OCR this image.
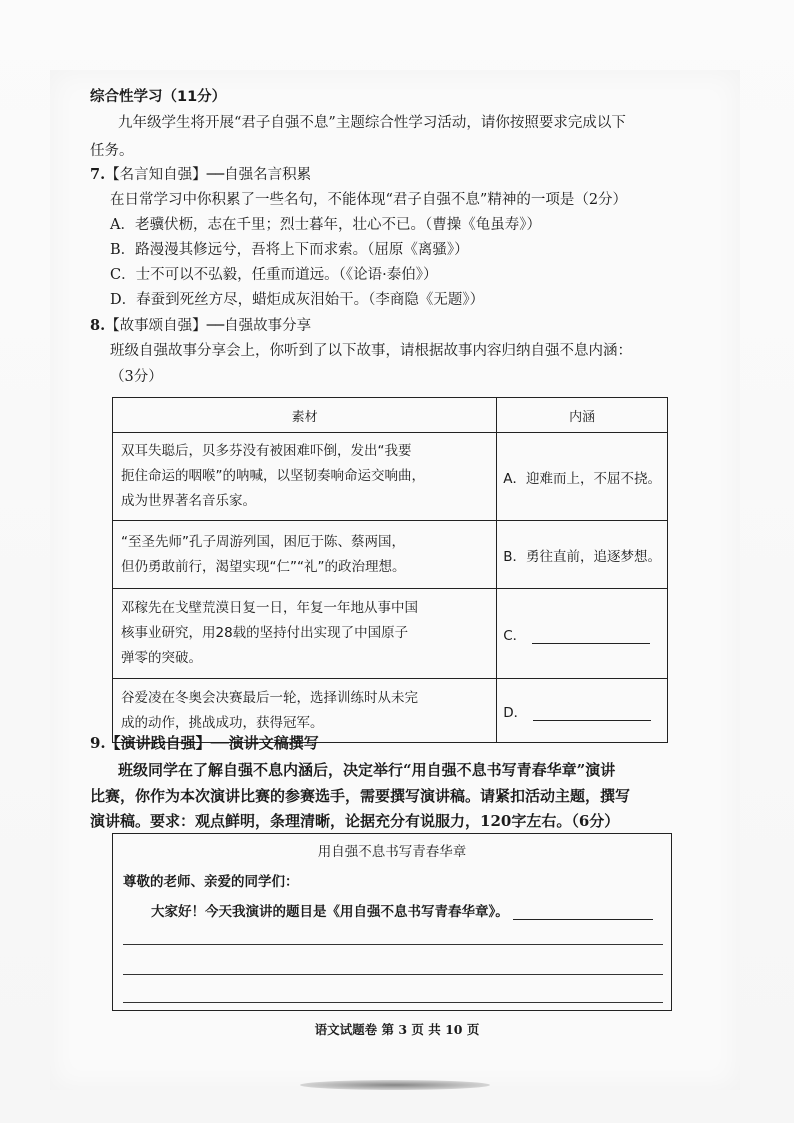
综合性学习（11分）
九年级学生将开展“君子自强不息”主题综合性学习活动，请你按照要求完成以下
任务。
7.【名言知自强】──自强名言积累
在日常学习中你积累了一些名句，不能体现“君子自强不息”精神的一项是（2分）
A．老骥伏枥，志在千里；烈士暮年，壮心不已。（曹操《龟虽寿》）
B．路漫漫其修远兮，吾将上下而求索。（屈原《离骚》）
C．士不可以不弘毅，任重而道远。（《论语·泰伯》）
D．春蚕到死丝方尽，蜡炬成灰泪始干。（李商隐《无题》）
8.【故事颂自强】──自强故事分享
班级自强故事分享会上，你听到了以下故事，请根据故事内容归纳自强不息内涵：
（3分）
素材	内涵

双耳失聪后，贝多芬没有被困难吓倒，发出“我要
扼住命运的咽喉”的呐喊，以坚韧奏响命运交响曲，
成为世界著名音乐家。	A．迎难而上，不屈不挠。

“至圣先师”孔子周游列国，困厄于陈、蔡两国，
但仍勇敢前行，渴望实现“仁”“礼”的政治理想。	B．勇往直前，追逐梦想。

邓稼先在戈壁荒漠日复一日，年复一年地从事中国
核事业研究，用28载的坚持付出实现了中国原子
弹零的突破。	C．

谷爱凌在冬奥会决赛最后一轮，选择训练时从未完
成的动作，挑战成功，获得冠军。	D．
9.【演讲践自强】──演讲文稿撰写
班级同学在了解自强不息内涵后，决定举行“用自强不息书写青春华章”演讲
比赛，你作为本次演讲比赛的参赛选手，需要撰写演讲稿。请紧扣活动主题，撰写
演讲稿。要求：观点鲜明，条理清晰，论据充分有说服力，120字左右。（6分）
用自强不息书写青春华章
尊敬的老师、亲爱的同学们：
大家好！今天我演讲的题目是《用自强不息书写青春华章》。
语文试题卷 第 3 页 共 10 页
